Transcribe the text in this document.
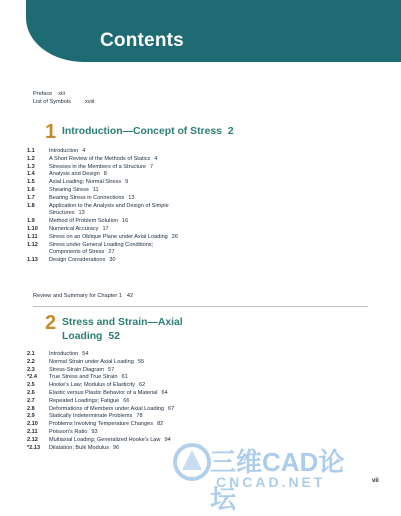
Contents
Preface xiii
List of Symbols	xviii
1 Introduction—Concept of Stress 2
1.1	Introduction 4
1.2	A Short Review of the Methods of Statics 4
1.3	Stresses in the Members of a Structure 7
1.4	Analysis and Design 8
1.5	Axial Loading; Normal Stress 9
1.6	Shearing Stress 11
1.7	Bearing Stress in Connections 13
1.8	Application to the Analysis and Design of Simple
Structures 13
1.9	Method of Problem Solution 16
1.10 Numerical Accuracy 17
1.11 Stress on an Oblique Plane under Axial Loading 26
1.12 Stress under General Loading Conditions;
Components of Stress 27
1.13 Design Considerations 30
Review and Summary for Chapter 1 42
2 Stress and Strain—Axial
Loading 52
2.1	Introduction 54
2.2	Normal Strain under Axial Loading 55
2.3	Stress-Strain Diagram 57
*2.4 True Stress and True Strain 61
2.5	Hooke's Law; Modulus of Elasticity 62
2.6	Elastic versus Plastic Behavior of a Material 64
2.7	Repeated Loadings; Fatigue 66
2.8	Deformations of Members under Axial Loading 67
2.9	Statically Indeterminate Problems 78
2.10 Problems Involving Temperature Changes 82
2.11 Poisson's Ratio 93
2.12 Multiaxial Loading; Generalized Hooke's Law 94
*2.13 Dilatation; Bulk Modulus 96
vii
三维CAD论坛
CNCAD.NET
